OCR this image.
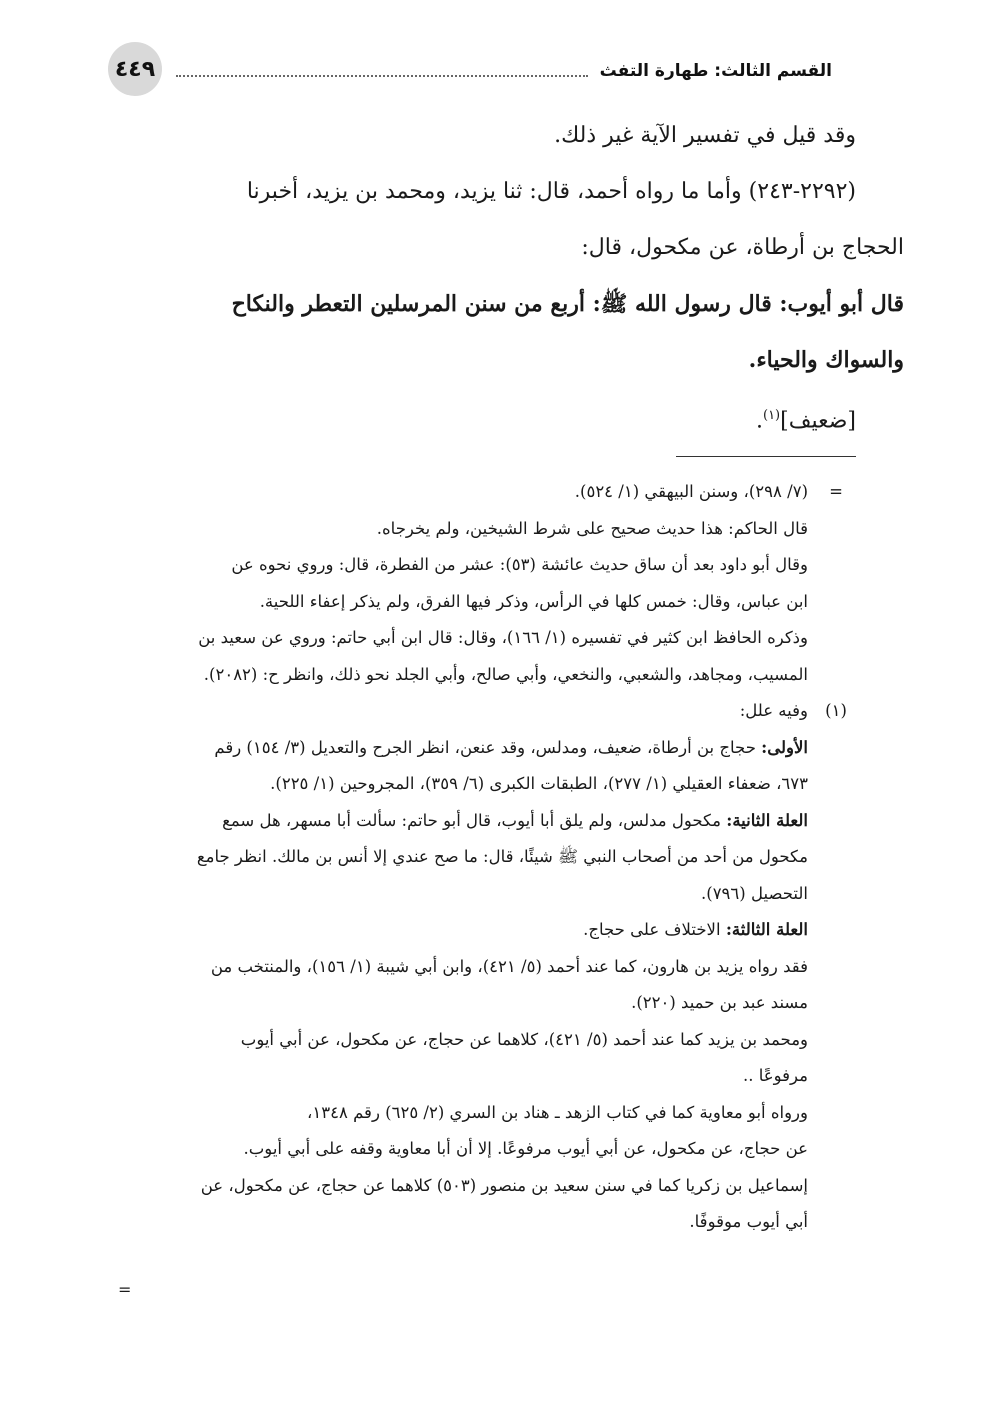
٤٤٩	القسم الثالث: طهارة التفث

وقد قيل في تفسير الآية غير ذلك.

(٢٢٩٢-٢٤٣) وأما ما رواه أحمد، قال: ثنا يزيد، ومحمد بن يزيد، أخبرنا

الحجاج بن أرطاة، عن مكحول، قال:

قال أبو أيوب: قال رسول الله ﷺ: أربع من سنن المرسلين التعطر والنكاح

والسواك والحياء.

[ضعيف]$^{(١)}$.

=
(٧/ ٢٩٨)، وسنن البيهقي (١/ ٥٢٤).

قال الحاكم: هذا حديث صحيح على شرط الشيخين، ولم يخرجاه.

وقال أبو داود بعد أن ساق حديث عائشة (٥٣): عشر من الفطرة، قال: وروي نحوه عن

ابن عباس، وقال: خمس كلها في الرأس، وذكر فيها الفرق، ولم يذكر إعفاء اللحية.

وذكره الحافظ ابن كثير في تفسيره (١/ ١٦٦)، وقال: قال ابن أبي حاتم: وروي عن سعيد بن

المسيب، ومجاهد، والشعبي، والنخعي، وأبي صالح، وأبي الجلد نحو ذلك، وانظر ح: (٢٠٨٢).

(١)
وفيه علل:

الأولى: حجاج بن أرطاة، ضعيف، ومدلس، وقد عنعن، انظر الجرح والتعديل (٣/ ١٥٤) رقم

٦٧٣، ضعفاء العقيلي (١/ ٢٧٧)، الطبقات الكبرى (٦/ ٣٥٩)، المجروحين (١/ ٢٢٥).

العلة الثانية: مكحول مدلس، ولم يلق أبا أيوب، قال أبو حاتم: سألت أبا مسهر، هل سمع

مكحول من أحد من أصحاب النبي ﷺ شيئًا، قال: ما صح عندي إلا أنس بن مالك. انظر جامع

التحصيل (٧٩٦).

العلة الثالثة: الاختلاف على حجاج.

فقد رواه يزيد بن هارون، كما عند أحمد (٥/ ٤٢١)، وابن أبي شيبة (١/ ١٥٦)، والمنتخب من

مسند عبد بن حميد (٢٢٠).

ومحمد بن يزيد كما عند أحمد (٥/ ٤٢١)، كلاهما عن حجاج، عن مكحول، عن أبي أيوب

مرفوعًا ..

ورواه أبو معاوية كما في كتاب الزهد ـ هناد بن السري (٢/ ٦٢٥) رقم ١٣٤٨،

عن حجاج، عن مكحول، عن أبي أيوب مرفوعًا. إلا أن أبا معاوية وقفه على أبي أيوب.

إسماعيل بن زكريا كما في سنن سعيد بن منصور (٥٠٣) كلاهما عن حجاج، عن مكحول، عن

أبي أيوب موقوفًا.

=
